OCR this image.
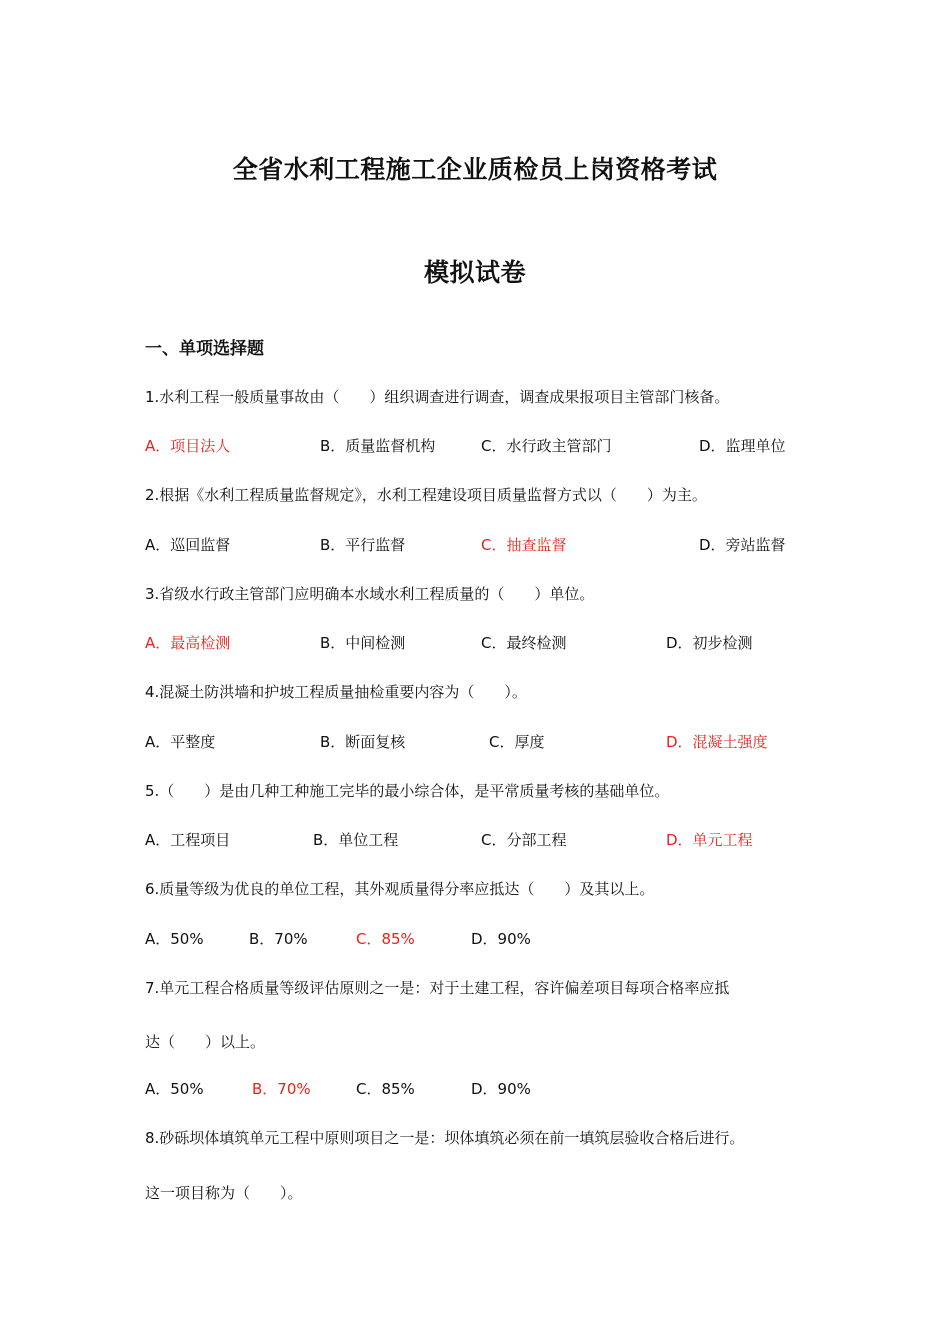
全省水利工程施工企业质检员上岗资格考试
模拟试卷
一、单项选择题
1.水利工程一般质量事故由（　　）组织调查进行调查，调查成果报项目主管部门核备。
A．项目法人	B．质量监督机构	C．水行政主管部门	D．监理单位
2.根据《水利工程质量监督规定》，水利工程建设项目质量监督方式以（　　）为主。
A．巡回监督	B．平行监督	C．抽查监督	D．旁站监督
3.省级水行政主管部门应明确本水域水利工程质量的（　　）单位。
A．最高检测	B．中间检测	C．最终检测	D．初步检测
4.混凝土防洪墙和护坡工程质量抽检重要内容为（　　）。
A．平整度	B．断面复核	C．厚度	D．混凝土强度
5.（　　）是由几种工种施工完毕的最小综合体，是平常质量考核的基础单位。
A．工程项目	B．单位工程	C．分部工程	D．单元工程
6.质量等级为优良的单位工程，其外观质量得分率应抵达（　　）及其以上。
A．50%	B．70%	C．85%	D．90%
7.单元工程合格质量等级评估原则之一是：对于土建工程，容许偏差项目每项合格率应抵
达（　　）以上。
A．50%	B．70%	C．85%	D．90%
8.砂砾坝体填筑单元工程中原则项目之一是：坝体填筑必须在前一填筑层验收合格后进行。
这一项目称为（　　）。
